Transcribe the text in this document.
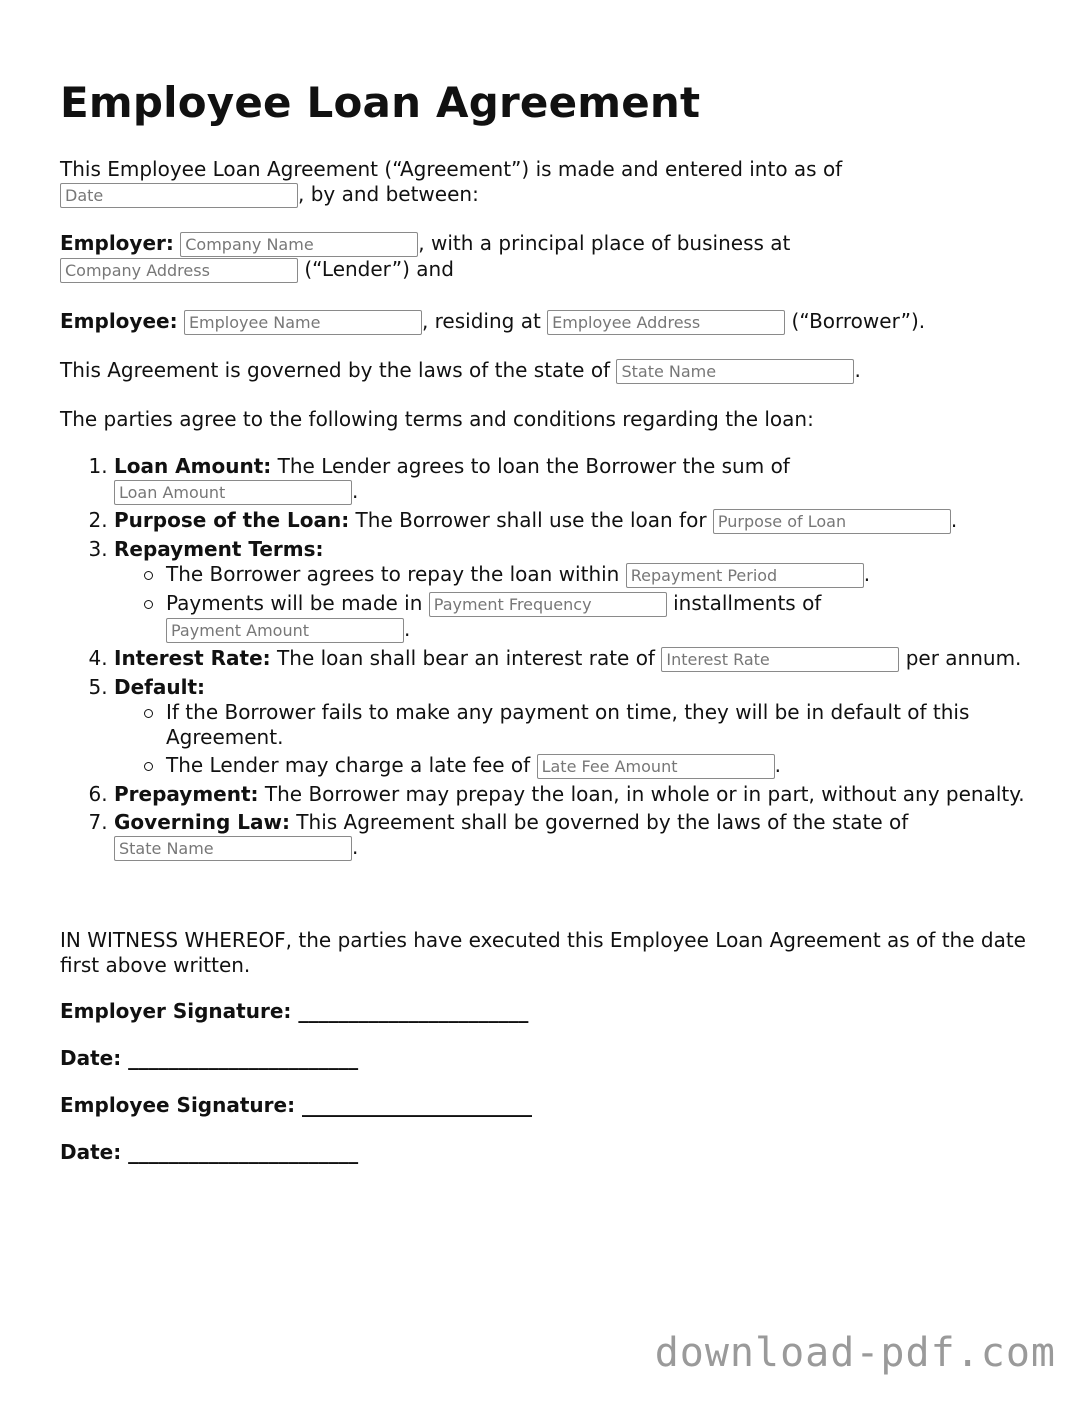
Employee Loan Agreement
This Employee Loan Agreement (“Agreement”) is made and entered into as of
Date, by and between:
Employer: Company Name	, with a principal place of business at
Company Address (“Lender”) and
Employee: Employee Name	, residing at Employee Address	(“Borrower”).
This Agreement is governed by the laws of the state of State Name	.
The parties agree to the following terms and conditions regarding the loan:
1. Loan Amount: The Lender agrees to loan the Borrower the sum of
Loan Amount.
2. Purpose of the Loan: The Borrower shall use the loan for Purpose of Loan	.
3. Repayment Terms:
The Borrower agrees to repay the loan within Repayment Period	.
Payments will be made in Payment Frequency	installments of
Payment Amount.
4. Interest Rate: The loan shall bear an interest rate of Interest Rate	per annum.
5. Default:
If the Borrower fails to make any payment on time, they will be in default of this Agreement.
The Lender may charge a late fee of Late Fee Amount	.
6. Prepayment: The Borrower may prepay the loan, in whole or in part, without any penalty.
7. Governing Law: This Agreement shall be governed by the laws of the state of
State Name.
IN WITNESS WHEREOF, the parties have executed this Employee Loan Agreement as of the date first above written.
Employer Signature: _______________________
Date: _______________________
Employee Signature: _______________________
Date: _______________________
download-pdf.com
